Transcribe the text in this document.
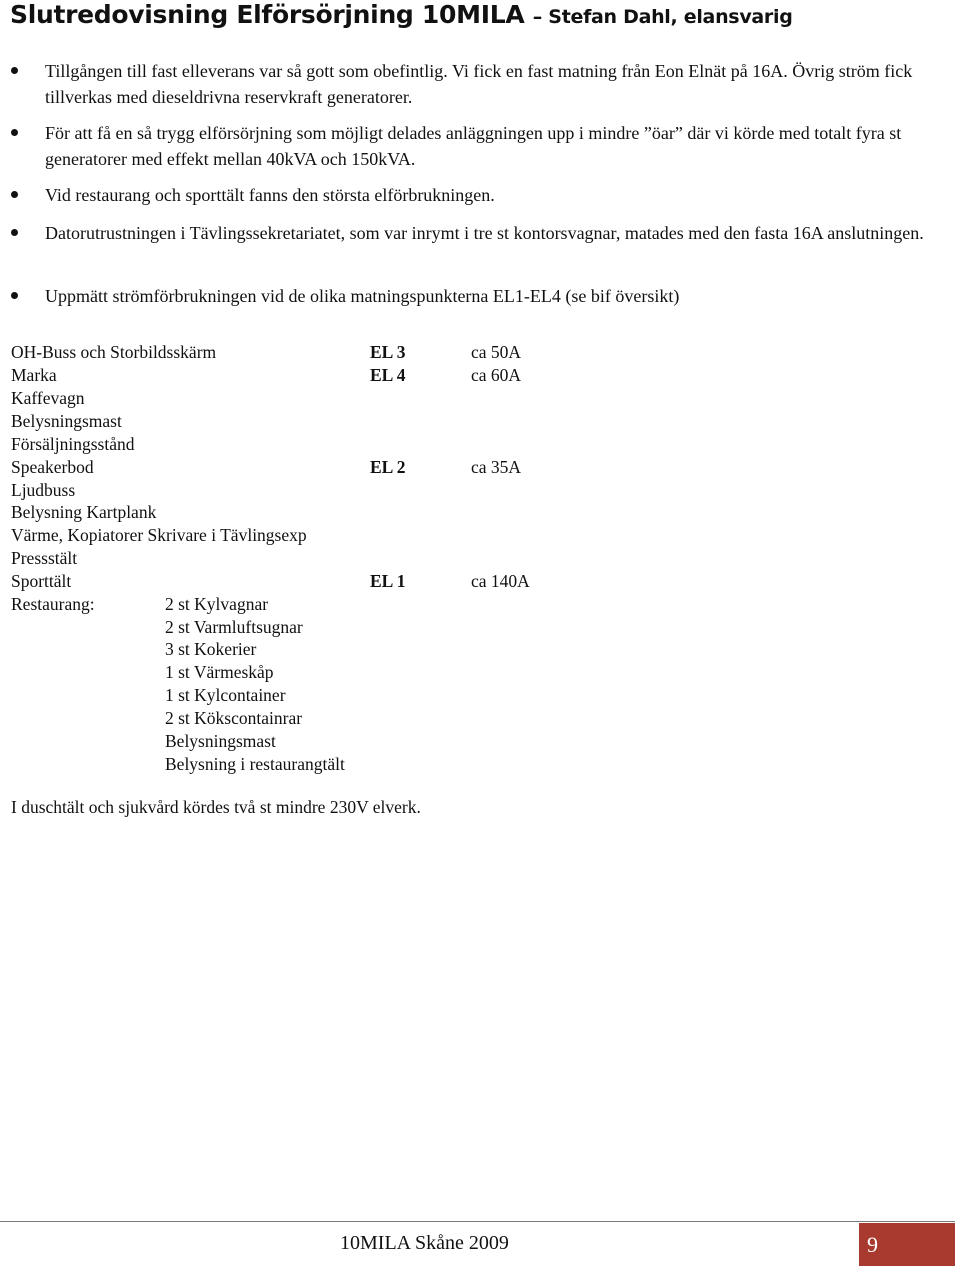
Slutredovisning Elförsörjning 10MILA – Stefan Dahl, elansvarig
Tillgången till fast elleverans var så gott som obefintlig. Vi fick en fast matning från Eon Elnät på 16A. Övrig ström fick tillverkas med dieseldrivna reservkraft generatorer.
För att få en så trygg elförsörjning som möjligt delades anläggningen upp i mindre ”öar” där vi körde med totalt fyra st generatorer med effekt mellan 40kVA och 150kVA.
Vid restaurang och sporttält fanns den största elförbrukningen.
Datorutrustningen i Tävlingssekretariatet, som var inrymt i tre st kontorsvagnar, matades med den fasta 16A anslutningen.
Uppmätt strömförbrukningen vid de olika matningspunkterna EL1-EL4 (se bif översikt)
OH-Buss och Storbildsskärm	EL 3	ca 50A
Marka	EL 4	ca 60A
Kaffevagn
Belysningsmast
Försäljningsstånd
Speakerbod	EL 2	ca 35A
Ljudbuss
Belysning Kartplank
Värme, Kopiatorer Skrivare i Tävlingsexp
Pressstält
Sporttält	EL 1	ca 140A
Restaurang:	2 st Kylvagnar
2 st Varmluftsugnar
3 st Kokerier
1 st Värmeskåp
1 st Kylcontainer
2 st Kökscontainrar
Belysningsmast
Belysning i restaurangtält
I duschtält och sjukvård kördes två st mindre 230V elverk.
10MILA Skåne 2009	9
